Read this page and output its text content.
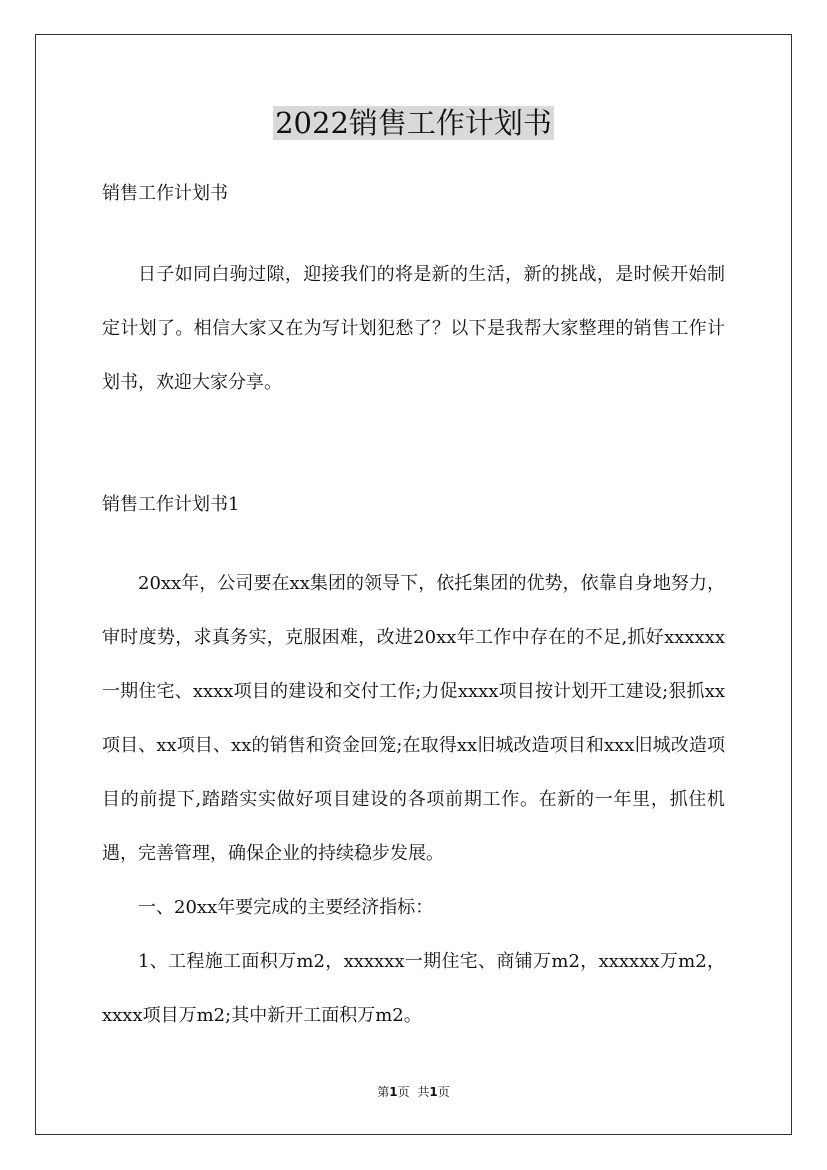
2022销售工作计划书

销售工作计划书

日子如同白驹过隙，迎接我们的将是新的生活，新的挑战，是时候开始制定计划了。相信大家又在为写计划犯愁了？以下是我帮大家整理的销售工作计划书，欢迎大家分享。

销售工作计划书1

20xx年，公司要在xx集团的领导下，依托集团的优势，依靠自身地努力，审时度势，求真务实，克服困难，改进20xx年工作中存在的不足,抓好xxxxxx一期住宅、xxxx项目的建设和交付工作;力促xxxx项目按计划开工建设;狠抓xx项目、xx项目、xx的销售和资金回笼;在取得xx旧城改造项目和xxx旧城改造项目的前提下,踏踏实实做好项目建设的各项前期工作。在新的一年里，抓住机遇，完善管理，确保企业的持续稳步发展。

一、20xx年要完成的主要经济指标：

1、工程施工面积万m2，xxxxxx一期住宅、商铺万m2，xxxxxx万m2，xxxx项目万m2;其中新开工面积万m2。

第1页 共1页
